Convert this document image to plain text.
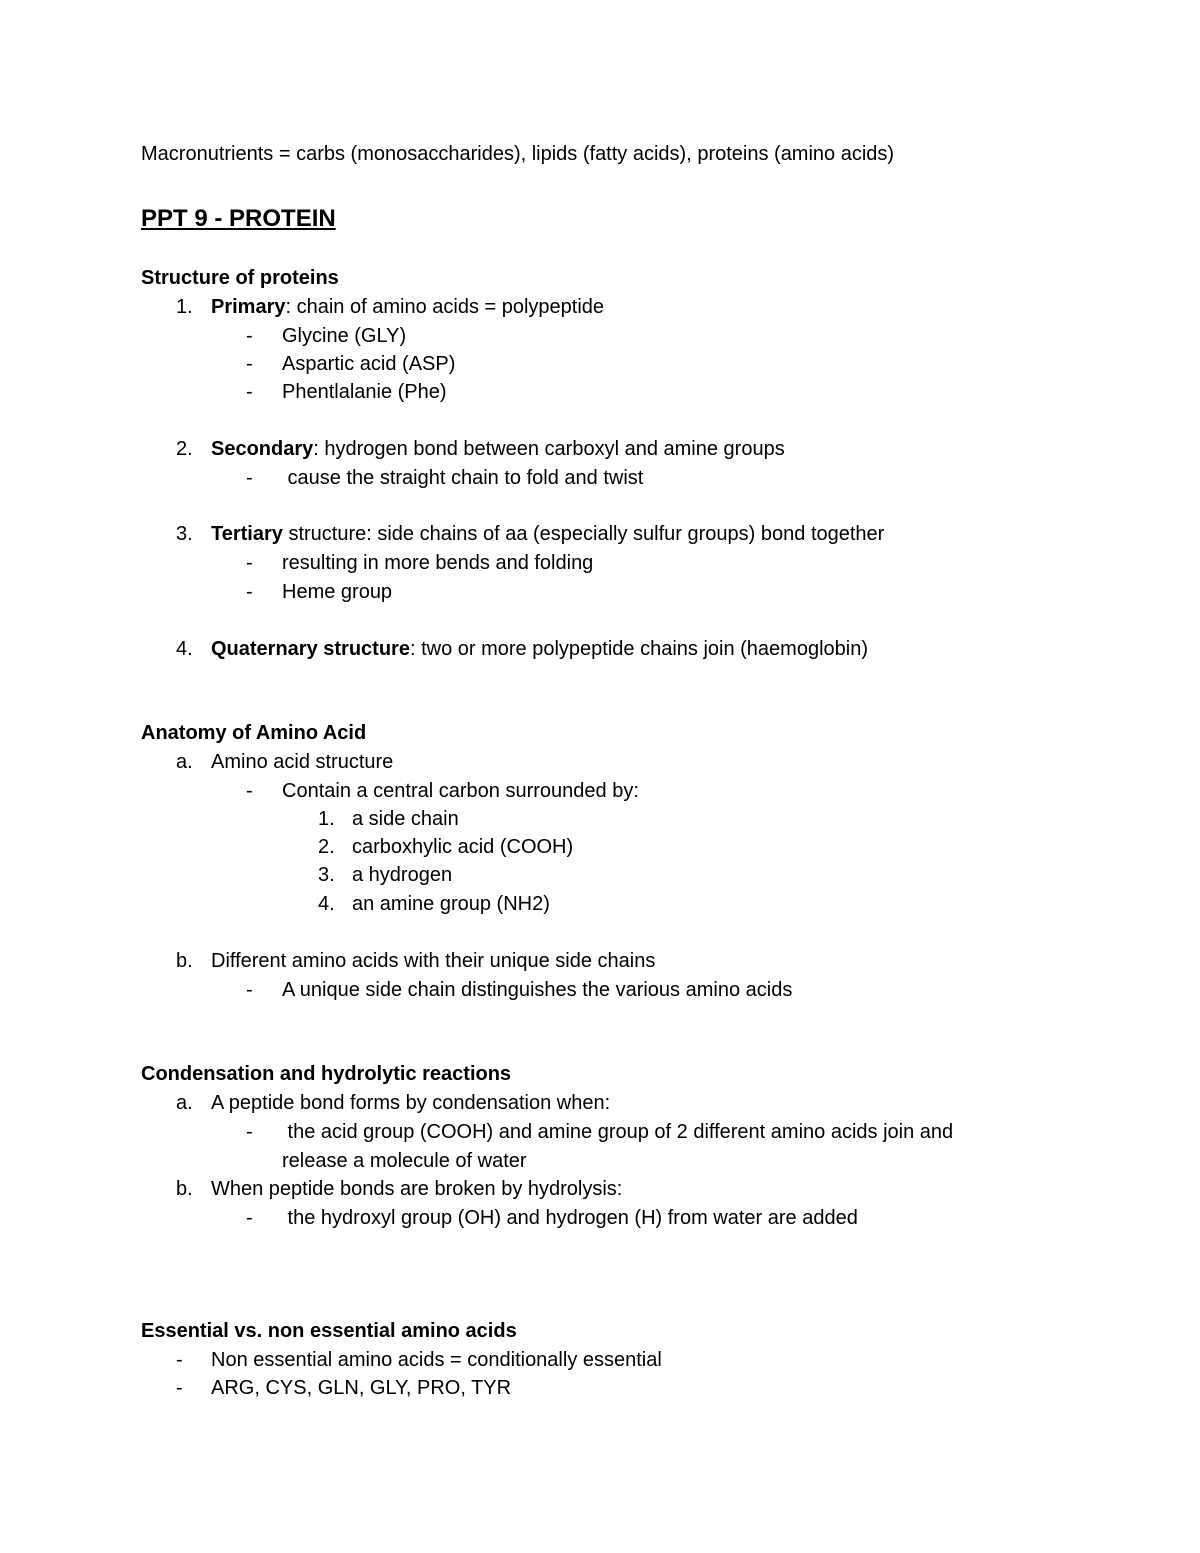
Macronutrients = carbs (monosaccharides), lipids (fatty acids), proteins (amino acids)
PPT 9 - PROTEIN
Structure of proteins
1. Primary: chain of amino acids = polypeptide
- Glycine (GLY)
- Aspartic acid (ASP)
- Phentlalanie (Phe)
2. Secondary: hydrogen bond between carboxyl and amine groups
- cause the straight chain to fold and twist
3. Tertiary structure: side chains of aa (especially sulfur groups) bond together
- resulting in more bends and folding
- Heme group
4. Quaternary structure: two or more polypeptide chains join (haemoglobin)
Anatomy of Amino Acid
a. Amino acid structure
- Contain a central carbon surrounded by:
1. a side chain
2. carboxhylic acid (COOH)
3. a hydrogen
4. an amine group (NH2)
b. Different amino acids with their unique side chains
- A unique side chain distinguishes the various amino acids
Condensation and hydrolytic reactions
a. A peptide bond forms by condensation when:
- the acid group (COOH) and amine group of 2 different amino acids join and
release a molecule of water
b. When peptide bonds are broken by hydrolysis:
- the hydroxyl group (OH) and hydrogen (H) from water are added
Essential vs. non essential amino acids
- Non essential amino acids = conditionally essential
- ARG, CYS, GLN, GLY, PRO, TYR
